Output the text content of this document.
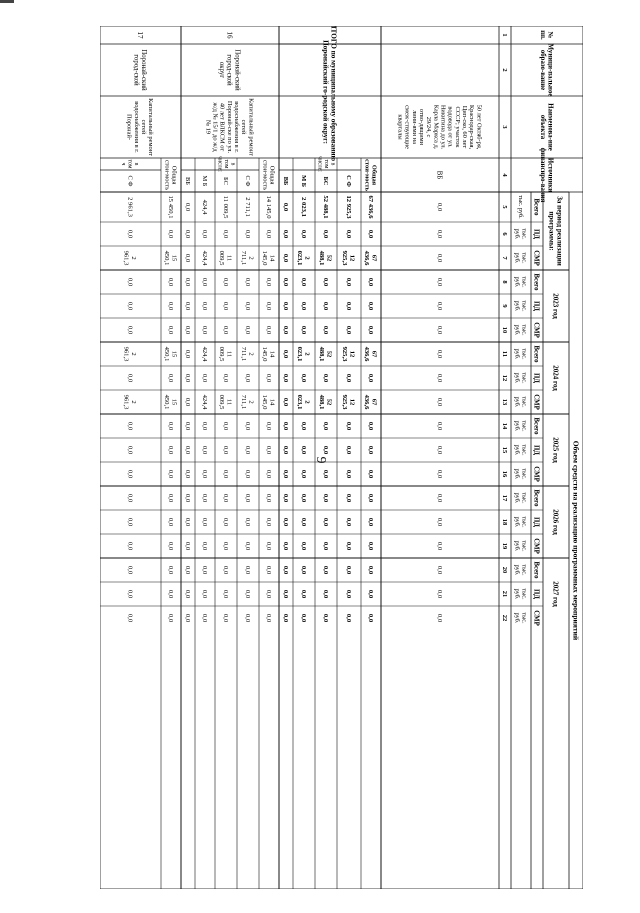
9	Объем средств на реализацию программных мероприятий
За период реализациипрограммы:
2023 год
2024 год
2025 год
2026 год
2027 год
Всего
тыс. руб.
ПД
тыс.руб.
СМР
тыс.руб.
Всего
тыс.руб.
ПД
тыс.руб.
СМР
тыс.руб.
Всего
тыс.руб.
ПД
тыс.руб.
СМР
тыс.руб.
Всего
тыс.руб.
ПД
тыс.руб.
СМР
тыс.руб.
Всего
тыс.руб.
ПД
тыс.руб.
СМР
тыс.руб.
Всего
тыс.руб.
ПД
тыс.руб.
СМР
тыс.руб.
№пп.
Муници-пальноеобразо-вание
Наименова-ниеобъекта
Источникифинансиро-вания
1
2
3
4
5
6
7
8
9
10
11
12
13
14
15
16
17
18
19
20
21
22
50 лет Октяб-ря,Краснодар-ская,Цип-ско, 60 летСССР; участокводовода от ул.Никитина до ул.Карла Маркса д.29/24, сотво-дящимилини-ями насмеж-ствующиекварталы
ВБ
0,0
0,0
0,0
0,0
0,0
0,0
0,0
0,0
0,0
0,0
0,0
0,0
0,0
0,0
0,0
0,0
0,0
0,0
ИТОГО по муниципальному образованиюПоронайский го-родской округ:
Общаястои-мость
67 436,6
0,0
67436,6
0,0
0,0
0,0
67436,6
0,0
67436,6
0,0
0,0
0,0
0,0
0,0
0,0
0,0
0,0
0,0
С Ф
12 925,3
0,0
12925,3
0,0
0,0
0,0
12925,3
0,0
12925,3
0,0
0,0
0,0
0,0
0,0
0,0
0,0
0,0
0,0
БС
52 488,1
0,0
52488,1
0,0
0,0
0,0
52488,1
0,0
52488,1
0,0
0,0
0,0
0,0
0,0
0,0
0,0
0,0
0,0
М Б
2 023,1
0,0
2023,1
0,0
0,0
0,0
2023,1
0,0
2023,1
0,0
0,0
0,0
0,0
0,0
0,0
0,0
0,0
0,0
ВБ
0,0
0,0
0,0
0,0
0,0
0,0
0,0
0,0
0,0
0,0
0,0
0,0
0,0
0,0
0,0
0,0
0,0
0,0
втомчисле:
16
Поронай-скийгород-скойокруг
Капитальный ремонтсетейводоснабжения в г.Поронай-ске по ул.40 лет ВЛКСМ отж/д № 15/1 до ж/д№ 19
Общаястои-мость
14 145,0
0,0
14145,0
0,0
0,0
0,0
14145,0
0,0
14145,0
0,0
0,0
0,0
0,0
0,0
0,0
0,0
0,0
0,0
С Ф
2 711,1
0,0
2711,1
0,0
0,0
0,0
2711,1
0,0
2711,1
0,0
0,0
0,0
0,0
0,0
0,0
0,0
0,0
0,0
БС
11 009,5
0,0
11009,5
0,0
0,0
0,0
11009,5
0,0
11009,5
0,0
0,0
0,0
0,0
0,0
0,0
0,0
0,0
0,0
М Б
424,4
0,0
424,4
0,0
0,0
0,0
424,4
0,0
424,4
0,0
0,0
0,0
0,0
0,0
0,0
0,0
0,0
0,0
ВБ
0,0
0,0
0,0
0,0
0,0
0,0
0,0
0,0
0,0
0,0
0,0
0,0
0,0
0,0
0,0
0,0
0,0
0,0
втомчисле:
17
Поронай-скийгород-ской
Капитальный ремонтсетейводоснабжения в г.Поронай-
Общаястои-мость
15 450,1
0,0
15450,1
0,0
0,0
0,0
15450,1
0,0
15450,1
0,0
0,0
0,0
0,0
0,0
0,0
0,0
0,0
0,0
С Ф
2 961,3
0,0
2961,3
0,0
0,0
0,0
2961,3
0,0
2961,3
0,0
0,0
0,0
0,0
0,0
0,0
0,0
0,0
0,0
втомч
